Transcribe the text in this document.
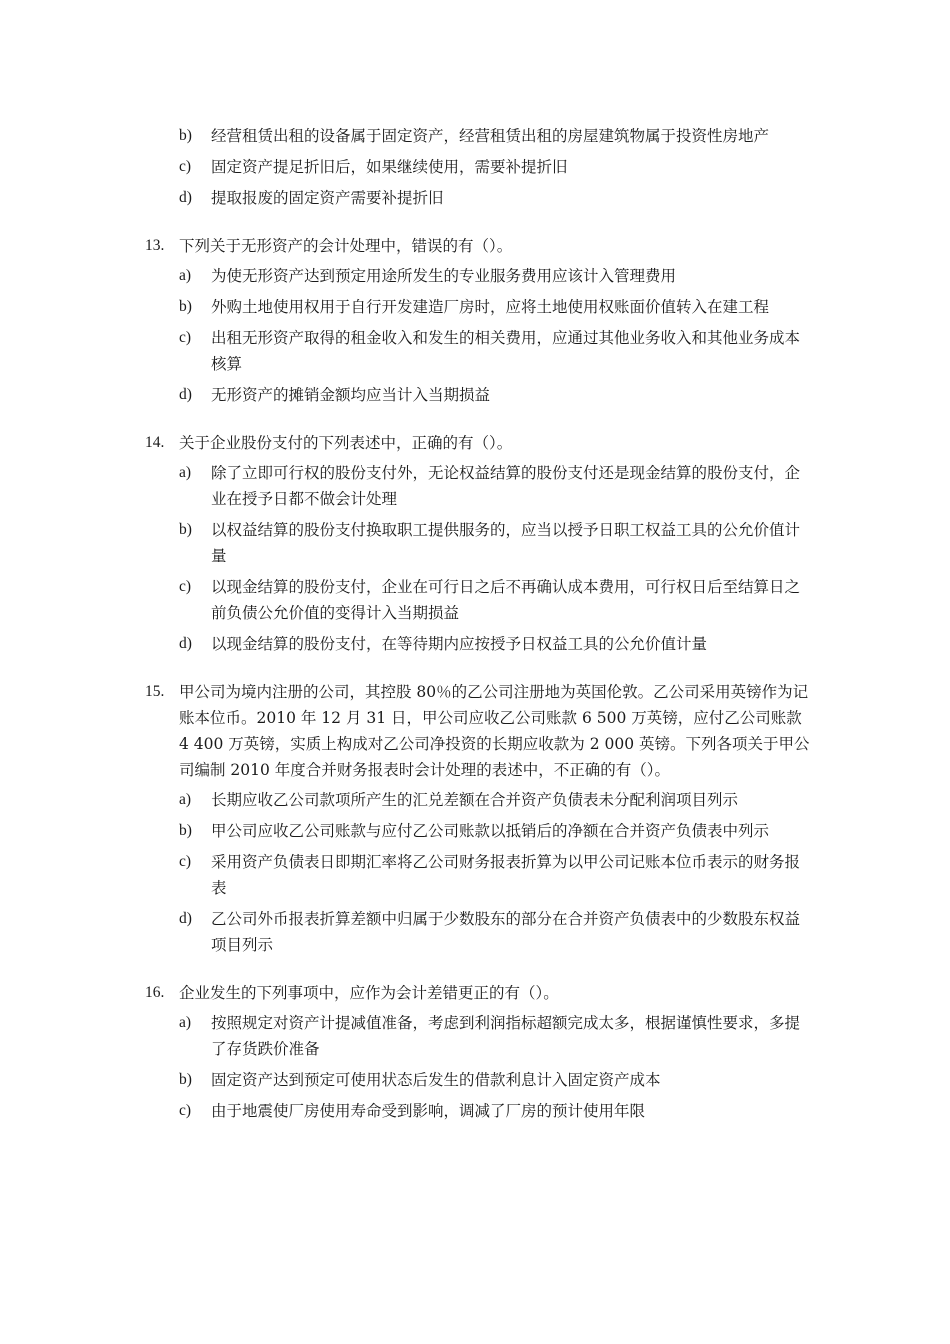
b)	经营租赁出租的设备属于固定资产，经营租赁出租的房屋建筑物属于投资性房地产
c)	固定资产提足折旧后，如果继续使用，需要补提折旧
d)	提取报废的固定资产需要补提折旧
13. 下列关于无形资产的会计处理中，错误的有（）。
a)	为使无形资产达到预定用途所发生的专业服务费用应该计入管理费用
b)	外购土地使用权用于自行开发建造厂房时，应将土地使用权账面价值转入在建工程
c)	出租无形资产取得的租金收入和发生的相关费用，应通过其他业务收入和其他业务成本核算
d)	无形资产的摊销金额均应当计入当期损益
14. 关于企业股份支付的下列表述中，正确的有（）。
a)	除了立即可行权的股份支付外，无论权益结算的股份支付还是现金结算的股份支付，企业在授予日都不做会计处理
b)	以权益结算的股份支付换取职工提供服务的，应当以授予日职工权益工具的公允价值计量
c)	以现金结算的股份支付，企业在可行日之后不再确认成本费用，可行权日后至结算日之前负债公允价值的变得计入当期损益
d)	以现金结算的股份支付，在等待期内应按授予日权益工具的公允价值计量
15. 甲公司为境内注册的公司，其控股 80％的乙公司注册地为英国伦敦。乙公司采用英镑作为记账本位币。2010 年 12 月 31 日，甲公司应收乙公司账款 6 500 万英镑，应付乙公司账款 4 400 万英镑，实质上构成对乙公司净投资的长期应收款为 2 000 英镑。下列各项关于甲公司编制 2010 年度合并财务报表时会计处理的表述中，不正确的有（）。
a)	长期应收乙公司款项所产生的汇兑差额在合并资产负债表未分配利润项目列示
b)	甲公司应收乙公司账款与应付乙公司账款以抵销后的净额在合并资产负债表中列示
c)	采用资产负债表日即期汇率将乙公司财务报表折算为以甲公司记账本位币表示的财务报表
d)	乙公司外币报表折算差额中归属于少数股东的部分在合并资产负债表中的少数股东权益项目列示
16. 企业发生的下列事项中，应作为会计差错更正的有（）。
a)	按照规定对资产计提减值准备，考虑到利润指标超额完成太多，根据谨慎性要求，多提了存货跌价准备
b)	固定资产达到预定可使用状态后发生的借款利息计入固定资产成本
c)	由于地震使厂房使用寿命受到影响，调减了厂房的预计使用年限
